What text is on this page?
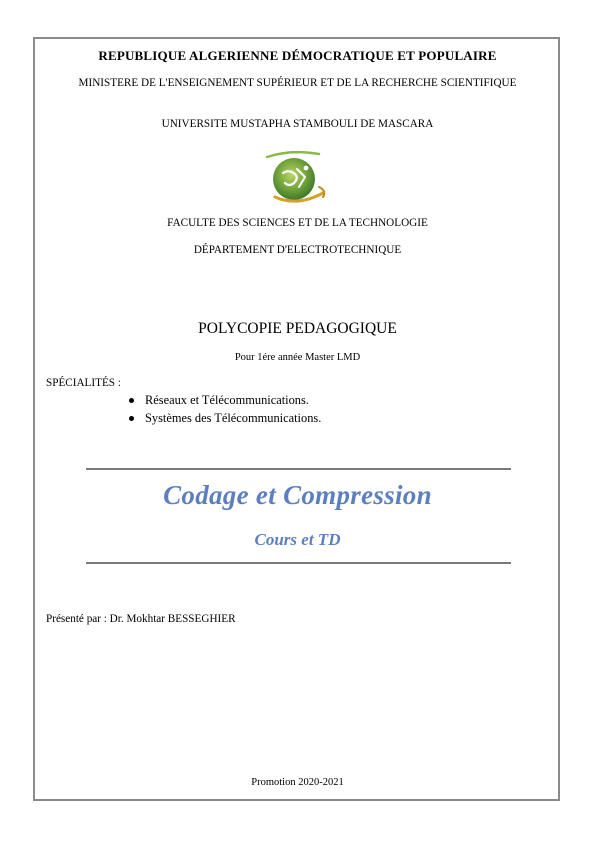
REPUBLIQUE ALGERIENNE DÉMOCRATIQUE ET POPULAIRE
MINISTERE DE L'ENSEIGNEMENT SUPÉRIEUR ET DE LA RECHERCHE SCIENTIFIQUE
UNIVERSITE MUSTAPHA STAMBOULI DE MASCARA
FACULTE DES SCIENCES ET DE LA TECHNOLOGIE
DÉPARTEMENT D'ELECTROTECHNIQUE
POLYCOPIE PEDAGOGIQUE
Pour 1ére année Master LMD
SPÉCIALITÉS :
Réseaux et Télécommunications.
Systèmes des Télécommunications.
Codage et Compression
Cours et TD
Présenté par : Dr. Mokhtar BESSEGHIER
Promotion 2020-2021
